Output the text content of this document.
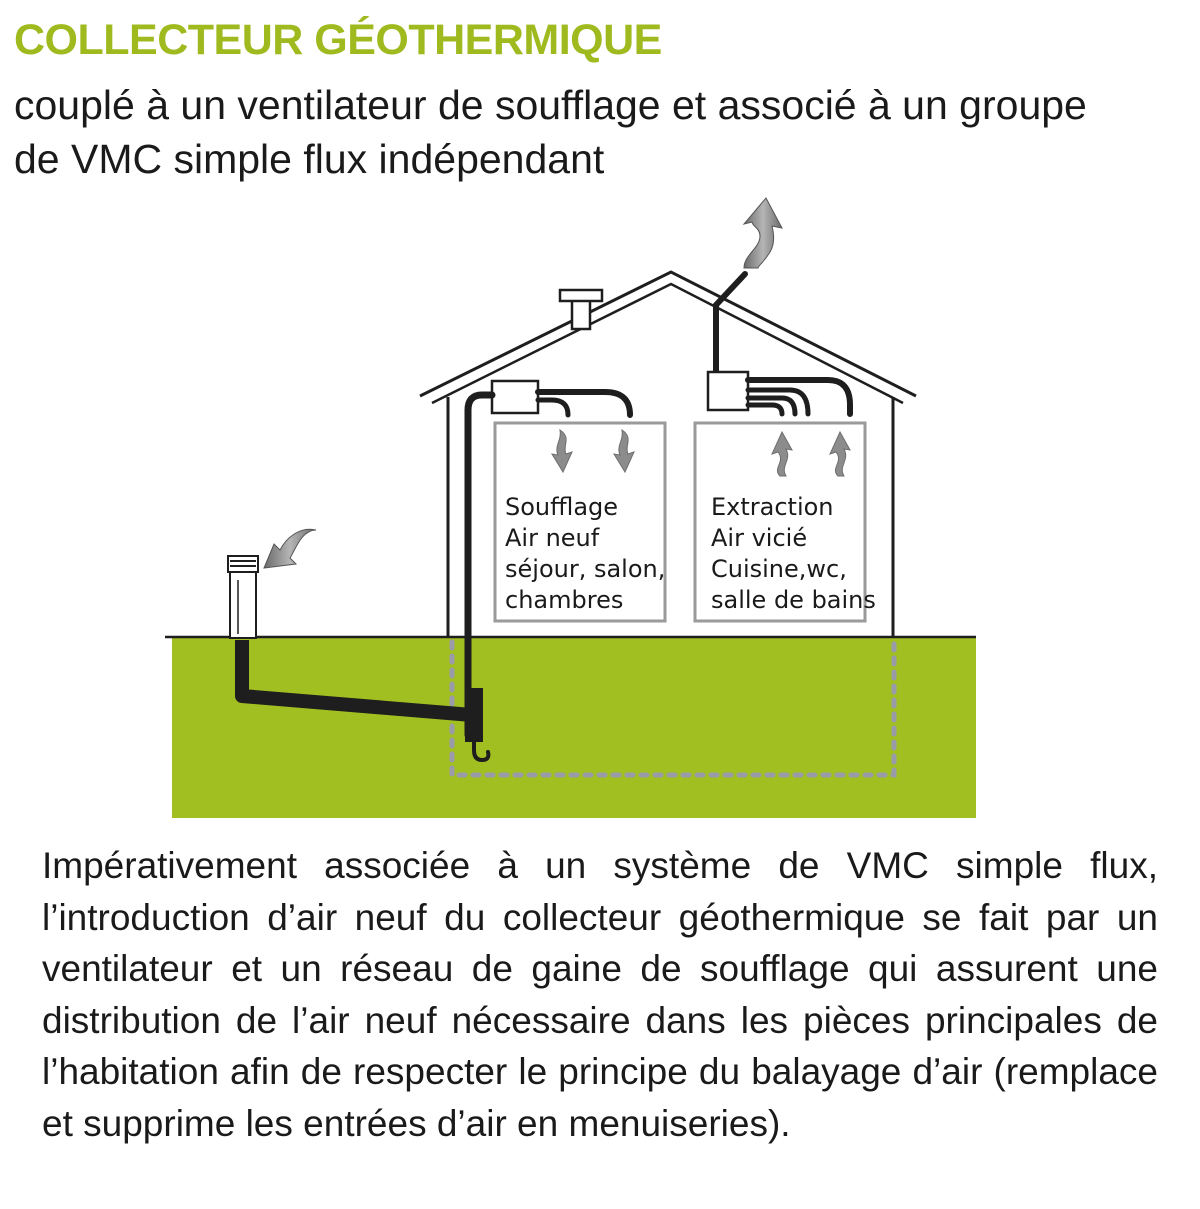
COLLECTEUR GÉOTHERMIQUE

couplé à un ventilateur de soufflage et associé à un groupe de VMC simple flux indépendant

Soufflage Air neuf séjour, salon, chambres
Extraction Air vicié Cuisine,wc, salle de bains

Impérativement associée à un système de VMC simple flux, l’introduction d’air neuf du collecteur géothermique se fait par un ventilateur et un réseau de gaine de soufflage qui assurent une distribution de l’air neuf nécessaire dans les pièces principales de l’habitation afin de respecter le principe du balayage d’air (remplace et supprime les entrées d’air en menuiseries).
